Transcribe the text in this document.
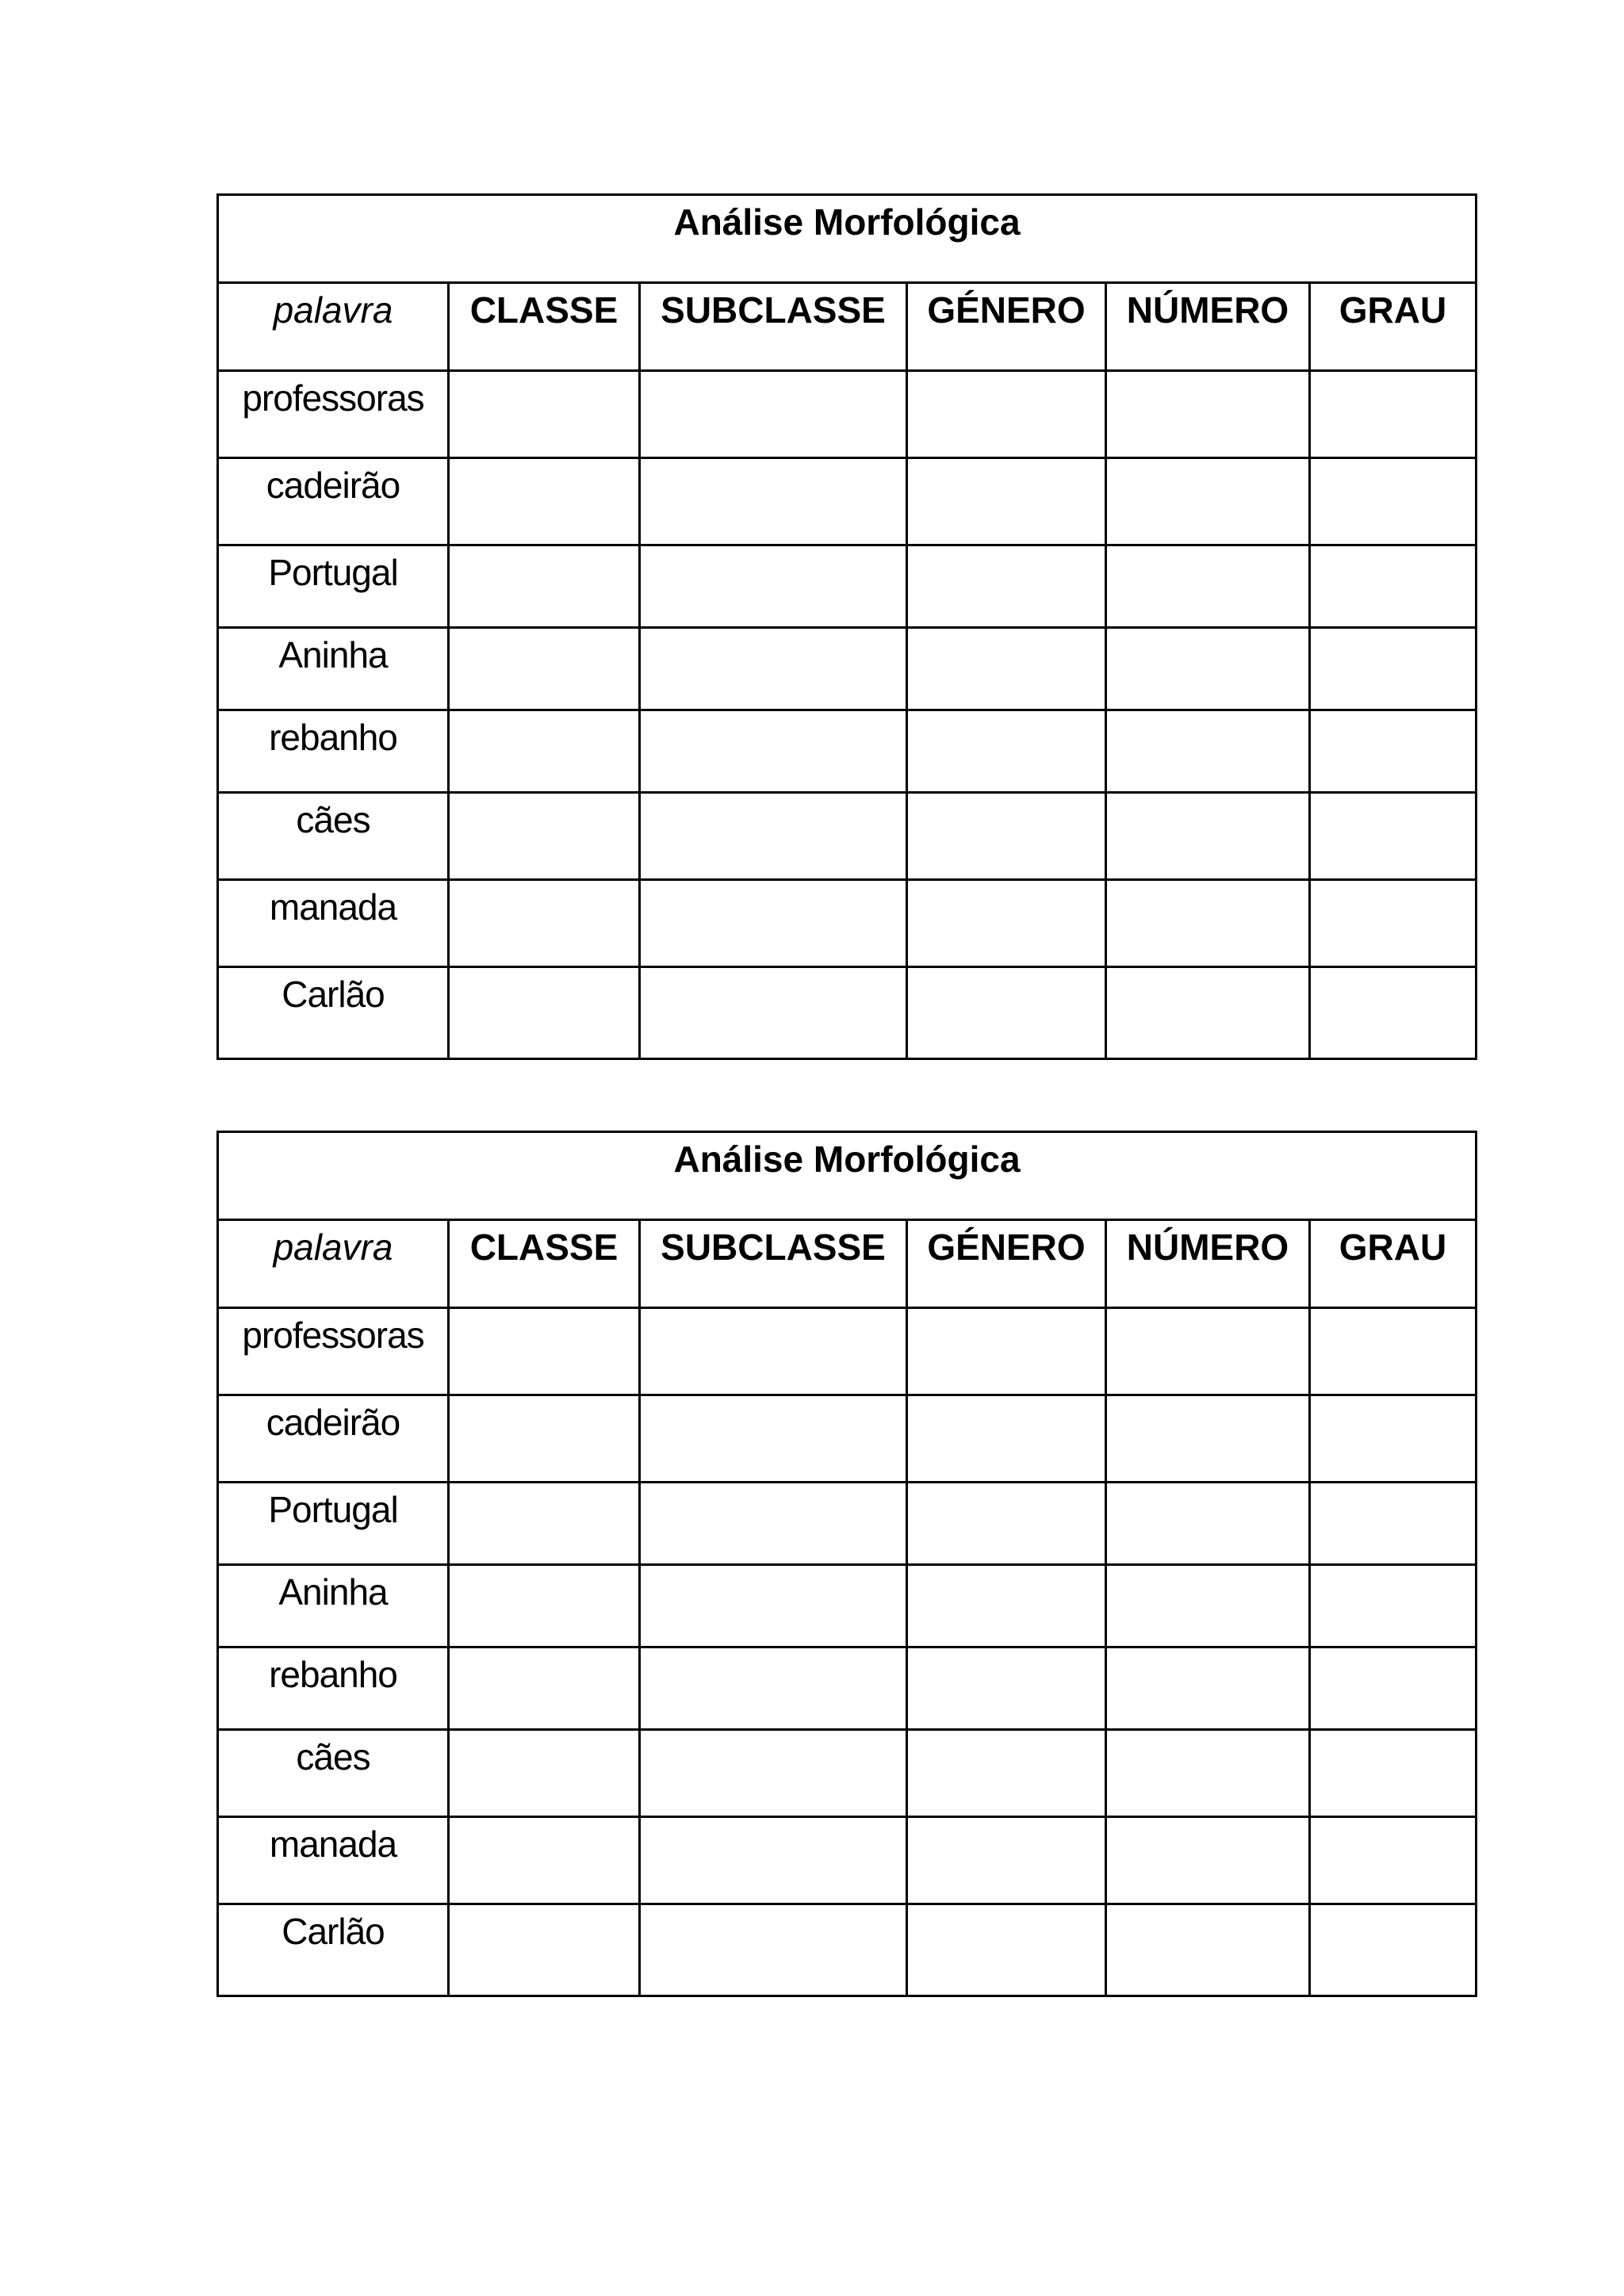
Análise Morfológica					

palavra	CLASSE	SUBCLASSE	GÉNERO	NÚMERO	GRAU

professoras					

cadeirão					

Portugal					

Aninha					

rebanho					

cães					

manada					

Carlão					

Análise Morfológica					

palavra	CLASSE	SUBCLASSE	GÉNERO	NÚMERO	GRAU

professoras					

cadeirão					

Portugal					

Aninha					

rebanho					

cães					

manada					

Carlão					
